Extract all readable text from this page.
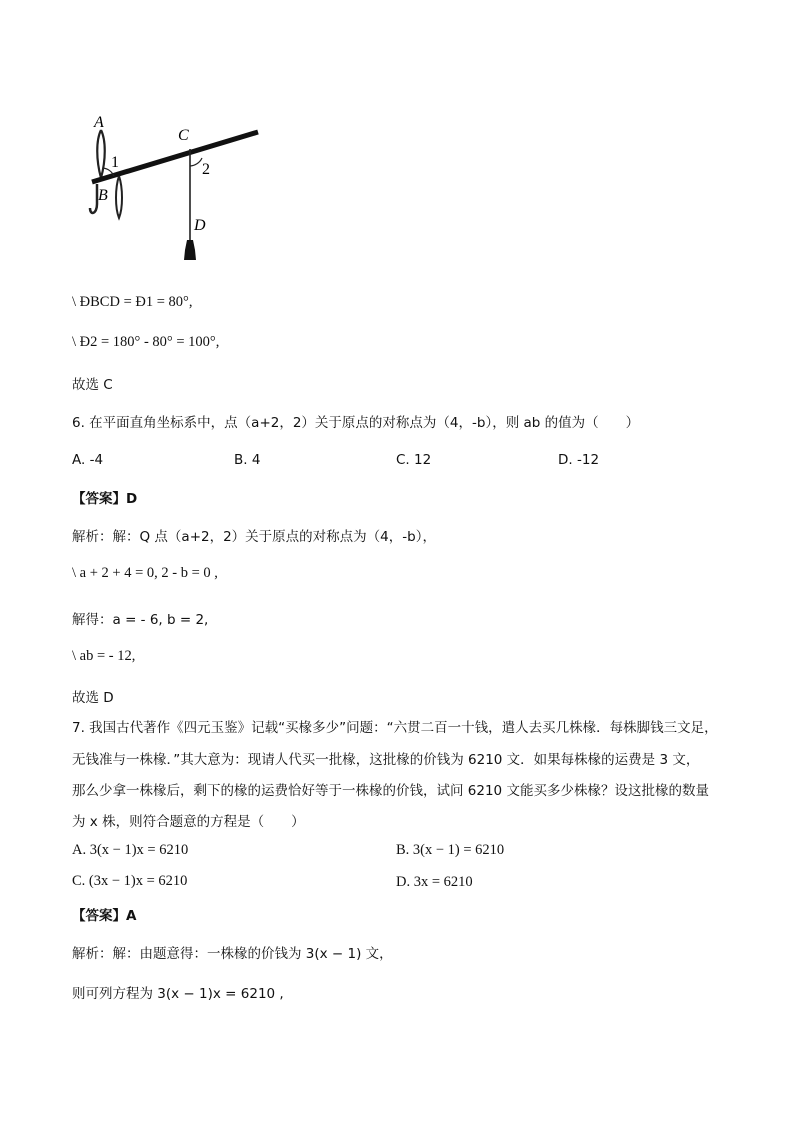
A
1
B
C
2
D
\ ÐBCD = Ð1 = 80°,
\ Ð2 = 180° - 80° = 100°,
故选 C
6. 在平面直角坐标系中，点（a+2，2）关于原点的对称点为（4，-b），则 ab 的值为（　　）
A. -4	B. 4	C. 12	D. -12
【答案】D
解析：解：Q 点（a+2，2）关于原点的对称点为（4，-b），
\ a + 2 + 4 = 0, 2 - b = 0 ,
解得：a = - 6, b = 2,
\ ab = - 12,
故选 D
7. 我国古代著作《四元玉鉴》记载“买椽多少”问题：“六贯二百一十钱，遣人去买几株椽．每株脚钱三文足，
无钱准与一株椽．”其大意为：现请人代买一批椽，这批椽的价钱为 6210 文．如果每株椽的运费是 3 文，
那么少拿一株椽后，剩下的椽的运费恰好等于一株椽的价钱，试问 6210 文能买多少株椽？设这批椽的数量
为 x 株，则符合题意的方程是（　　）
A. 3(x − 1)x = 6210	B. 3(x − 1) = 6210
C. (3x − 1)x = 6210	D. 3x = 6210
【答案】A
解析：解：由题意得：一株椽的价钱为 3(x − 1) 文，
则可列方程为 3(x − 1)x = 6210 ,
